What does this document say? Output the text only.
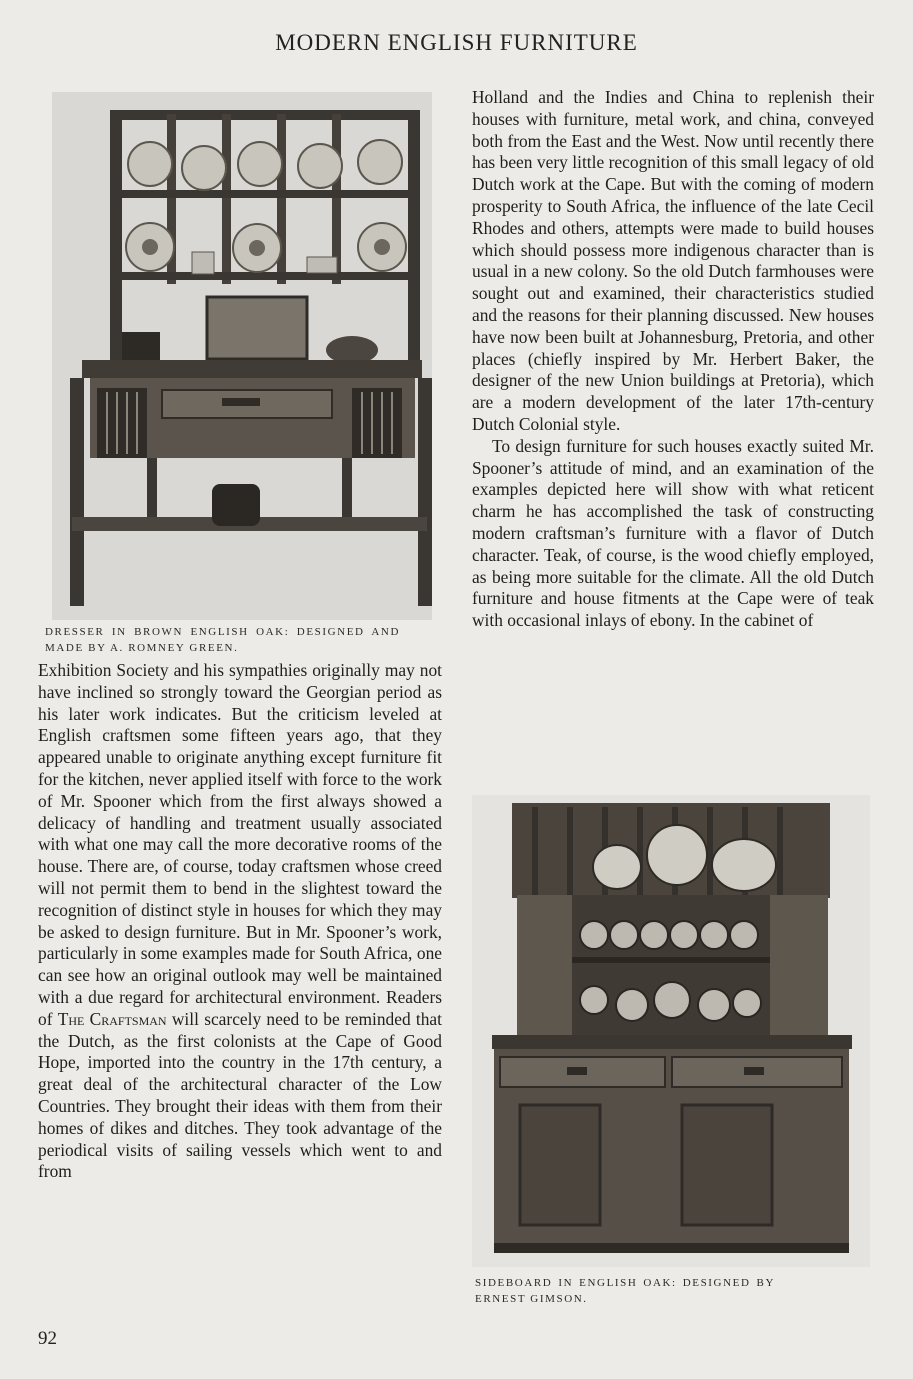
MODERN ENGLISH FURNITURE
DRESSER IN BROWN ENGLISH OAK: DESIGNED AND MADE BY A. ROMNEY GREEN.

Exhibition Society and his sympathies originally may not have inclined so strongly toward the Georgian period as his later work indicates. But the criticism leveled at English craftsmen some fifteen years ago, that they appeared unable to originate anything except furniture fit for the kitchen, never applied itself with force to the work of Mr. Spooner which from the first always showed a delicacy of handling and treatment usually associated with what one may call the more decorative rooms of the house. There are, of course, today craftsmen whose creed will not permit them to bend in the slightest toward the recognition of distinct style in houses for which they may be asked to design furniture. But in Mr. Spooner’s work, particularly in some examples made for South Africa, one can see how an original outlook may well be maintained with a due regard for architectural environment. Readers of The Craftsman will scarcely need to be reminded that the Dutch, as the first colonists at the Cape of Good Hope, imported into the country in the 17th century, a great deal of the architectural character of the Low Countries. They brought their ideas with them from their homes of dikes and ditches. They took advantage of the periodical visits of sailing vessels which went to and from

Holland and the Indies and China to replenish their houses with furniture, metal work, and china, conveyed both from the East and the West. Now until recently there has been very little recognition of this small legacy of old Dutch work at the Cape. But with the coming of modern prosperity to South Africa, the influence of the late Cecil Rhodes and others, attempts were made to build houses which should possess more indigenous character than is usual in a new colony. So the old Dutch farmhouses were sought out and examined, their characteristics studied and the reasons for their planning discussed. New houses have now been built at Johannesburg, Pretoria, and other places (chiefly inspired by Mr. Herbert Baker, the designer of the new Union buildings at Pretoria), which are a modern development of the later 17th-century Dutch Colonial style.

To design furniture for such houses exactly suited Mr. Spooner’s attitude of mind, and an examination of the examples depicted here will show with what reticent charm he has accomplished the task of constructing modern craftsman’s furniture with a flavor of Dutch character. Teak, of course, is the wood chiefly employed, as being more suitable for the climate. All the old Dutch furniture and house fitments at the Cape were of teak with occasional inlays of ebony. In the cabinet of

SIDEBOARD IN ENGLISH OAK: DESIGNED BY ERNEST GIMSON.
92
